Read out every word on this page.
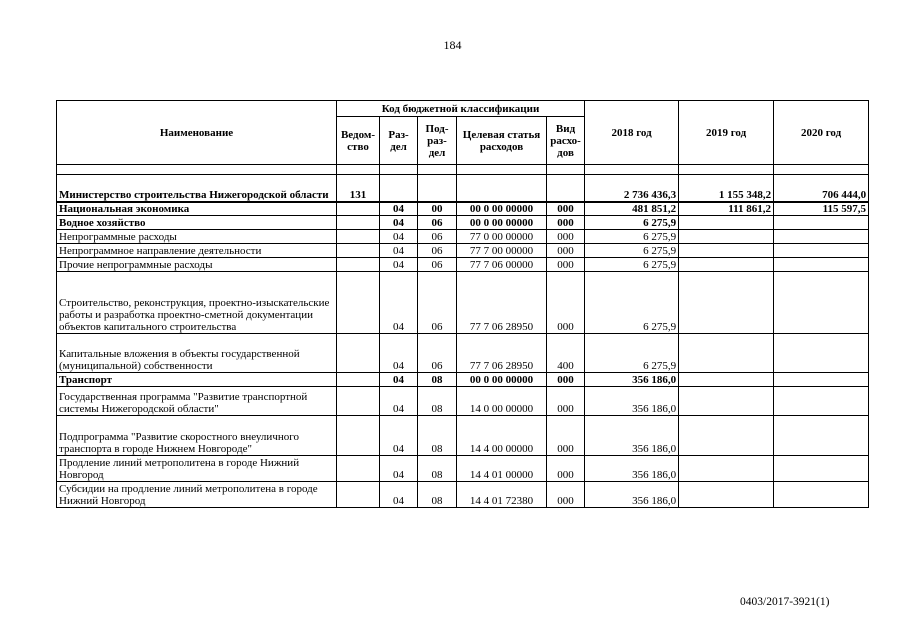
184
Наименование	Код бюджетной классификации					2018 год	2019 год	2020 год
	Ведом-ство	Раз-дел	Под-раз-дел	Целевая статья расходов	Вид расхо-дов			

Министерство строительства Нижегородской области	131					2 736 436,3	1 155 348,2	706 444,0
Национальная экономика		04	00	00 0 00 00000	000	481 851,2	111 861,2	115 597,5
Водное хозяйство		04	06	00 0 00 00000	000	6 275,9		
Непрограммные расходы		04	06	77 0 00 00000	000	6 275,9		
Непрограммное направление деятельности		04	06	77 7 00 00000	000	6 275,9		
Прочие непрограммные расходы		04	06	77 7 06 00000	000	6 275,9		
Строительство, реконструкция, проектно-изыскательские работы и разработка проектно-сметной документации объектов капитального строительства		04	06	77 7 06 28950	000	6 275,9		
Капитальные вложения в объекты государственной (муниципальной) собственности		04	06	77 7 06 28950	400	6 275,9		
Транспорт		04	08	00 0 00 00000	000	356 186,0		
Государственная программа "Развитие транспортной системы Нижегородской области"		04	08	14 0 00 00000	000	356 186,0		
Подпрограмма "Развитие скоростного внеуличного транспорта в городе Нижнем Новгороде"		04	08	14 4 00 00000	000	356 186,0		
Продление линий метрополитена в городе Нижний Новгород		04	08	14 4 01 00000	000	356 186,0		
Субсидии на продление линий метрополитена в городе Нижний Новгород		04	08	14 4 01 72380	000	356 186,0		
0403/2017-3921(1)
